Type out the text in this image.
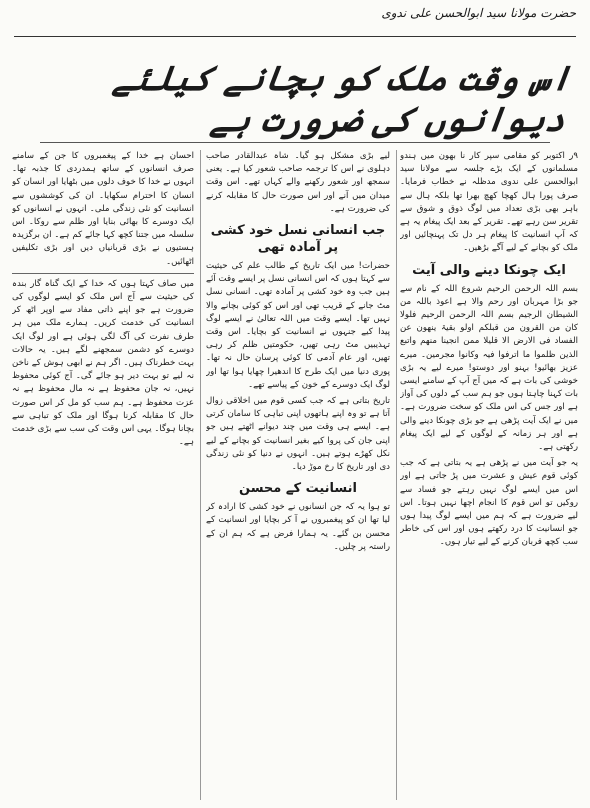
حضرت مولانا سید ابوالحسن علی ندوی
اس وقت ملک کو بچانے کیلئے دیوانوں کی ضرورت ہے

۹ر اکتوبر کو مقامی سپر کار نا بھون میں ہندو مسلمانوں کے ایک بڑے جلسہ سے مولانا سید ابوالحسن علی ندوی مدظلہ نے خطاب فرمایا۔ صرف پورا ہال کھچا کھچ بھرا تھا بلکہ ہال سے باہر بھی بڑی تعداد میں لوگ ذوق و شوق سے تقریر سن رہے تھے۔ تقریر کے بعد ایک پیغام یہ ہے کہ آپ انسانیت کا پیغام ہر دل تک پہنچائیں اور ملک کو بچانے کے لیے آگے بڑھیں۔

ایک چونکا دینے والی آیت

بسم اللہ الرحمن الرحیم شروع اللہ کے نام سے جو بڑا مہربان اور رحم والا ہے اعوذ باللہ من الشیطان الرجیم بسم اللہ الرحمن الرحیم فلولا کان من القرون من قبلکم اولو بقیۃ ینھون عن الفساد فی الارض الا قلیلا ممن انجینا منھم واتبع الذین ظلموا ما اترفوا فیہ وکانوا مجرمین۔ میرے عزیز بھائیو! بہنو اور دوستو! میرے لیے یہ بڑی خوشی کی بات ہے کہ میں آج آپ کے سامنے ایسی بات کہنا چاہتا ہوں جو ہم سب کے دلوں کی آواز ہے اور جس کی اس ملک کو سخت ضرورت ہے۔ میں نے ایک آیت پڑھی ہے جو بڑی چونکا دینے والی ہے اور ہر زمانہ کے لوگوں کے لیے ایک پیغام رکھتی ہے۔

یہ جو آیت میں نے پڑھی ہے یہ بتاتی ہے کہ جب کوئی قوم عیش و عشرت میں پڑ جاتی ہے اور اس میں ایسے لوگ نہیں رہتے جو فساد سے روکیں تو اس قوم کا انجام اچھا نہیں ہوتا۔ اس لیے ضرورت ہے کہ ہم میں ایسے لوگ پیدا ہوں جو انسانیت کا درد رکھتے ہوں اور اس کی خاطر سب کچھ قربان کرنے کے لیے تیار ہوں۔

لیے بڑی مشکل ہو گیا۔ شاہ عبدالقادر صاحب دہلوی نے اس کا ترجمہ صاحب شعور کیا ہے۔ یعنی سمجھ اور شعور رکھنے والے کہاں تھے۔ اس وقت میدان میں آنے اور اس صورت حال کا مقابلہ کرنے کی ضرورت ہے۔

جب انسانی نسل خود کشی پر آمادہ تھی

حضرات! میں ایک تاریخ کے طالب علم کی حیثیت سے کہتا ہوں کہ اس انسانی نسل پر ایسے وقت آئے ہیں جب وہ خود کشی پر آمادہ تھی۔ انسانی نسل مٹ جانے کے قریب تھی اور اس کو کوئی بچانے والا نہیں تھا۔ ایسے وقت میں اللہ تعالیٰ نے ایسے لوگ پیدا کیے جنہوں نے انسانیت کو بچایا۔ اس وقت تہذیبیں مٹ رہی تھیں، حکومتیں ظلم کر رہی تھیں، اور عام آدمی کا کوئی پرسان حال نہ تھا۔ پوری دنیا میں ایک طرح کا اندھیرا چھایا ہوا تھا اور لوگ ایک دوسرے کے خون کے پیاسے تھے۔

تاریخ بتاتی ہے کہ جب کسی قوم میں اخلاقی زوال آتا ہے تو وہ اپنے ہاتھوں اپنی تباہی کا سامان کرتی ہے۔ ایسے ہی وقت میں چند دیوانے اٹھتے ہیں جو اپنی جان کی پروا کیے بغیر انسانیت کو بچانے کے لیے نکل کھڑے ہوتے ہیں۔ انہوں نے دنیا کو نئی زندگی دی اور تاریخ کا رخ موڑ دیا۔

انسانیت کے محسن

تو ہوا یہ کہ جن انسانوں نے خود کشی کا ارادہ کر لیا تھا ان کو پیغمبروں نے آ کر بچایا اور انسانیت کے محسن بن گئے۔ یہ ہمارا فرض ہے کہ ہم ان کے راستہ پر چلیں۔

احسان ہے خدا کے پیغمبروں کا جن کے سامنے صرف انسانوں کے ساتھ ہمدردی کا جذبہ تھا۔ انہوں نے خدا کا خوف دلوں میں بٹھایا اور انسان کو انسان کا احترام سکھایا۔ ان کی کوششوں سے انسانیت کو نئی زندگی ملی۔ انہوں نے انسانوں کو ایک دوسرے کا بھائی بنایا اور ظلم سے روکا۔ اس سلسلہ میں جتنا کچھ کہا جائے کم ہے۔ ان برگزیدہ ہستیوں نے بڑی قربانیاں دیں اور بڑی تکلیفیں اٹھائیں۔

میں صاف کہتا ہوں کہ خدا کے ایک گناہ گار بندہ کی حیثیت سے آج اس ملک کو ایسے لوگوں کی ضرورت ہے جو اپنے ذاتی مفاد سے اوپر اٹھ کر انسانیت کی خدمت کریں۔ ہمارے ملک میں ہر طرف نفرت کی آگ لگی ہوئی ہے اور لوگ ایک دوسرے کو دشمن سمجھنے لگے ہیں۔ یہ حالات بہت خطرناک ہیں۔ اگر ہم نے ابھی ہوش کے ناخن نہ لیے تو بہت دیر ہو جائے گی۔ آج کوئی محفوظ نہیں، نہ جان محفوظ ہے نہ مال محفوظ ہے نہ عزت محفوظ ہے۔ ہم سب کو مل کر اس صورت حال کا مقابلہ کرنا ہوگا اور ملک کو تباہی سے بچانا ہوگا۔ یہی اس وقت کی سب سے بڑی خدمت ہے۔
